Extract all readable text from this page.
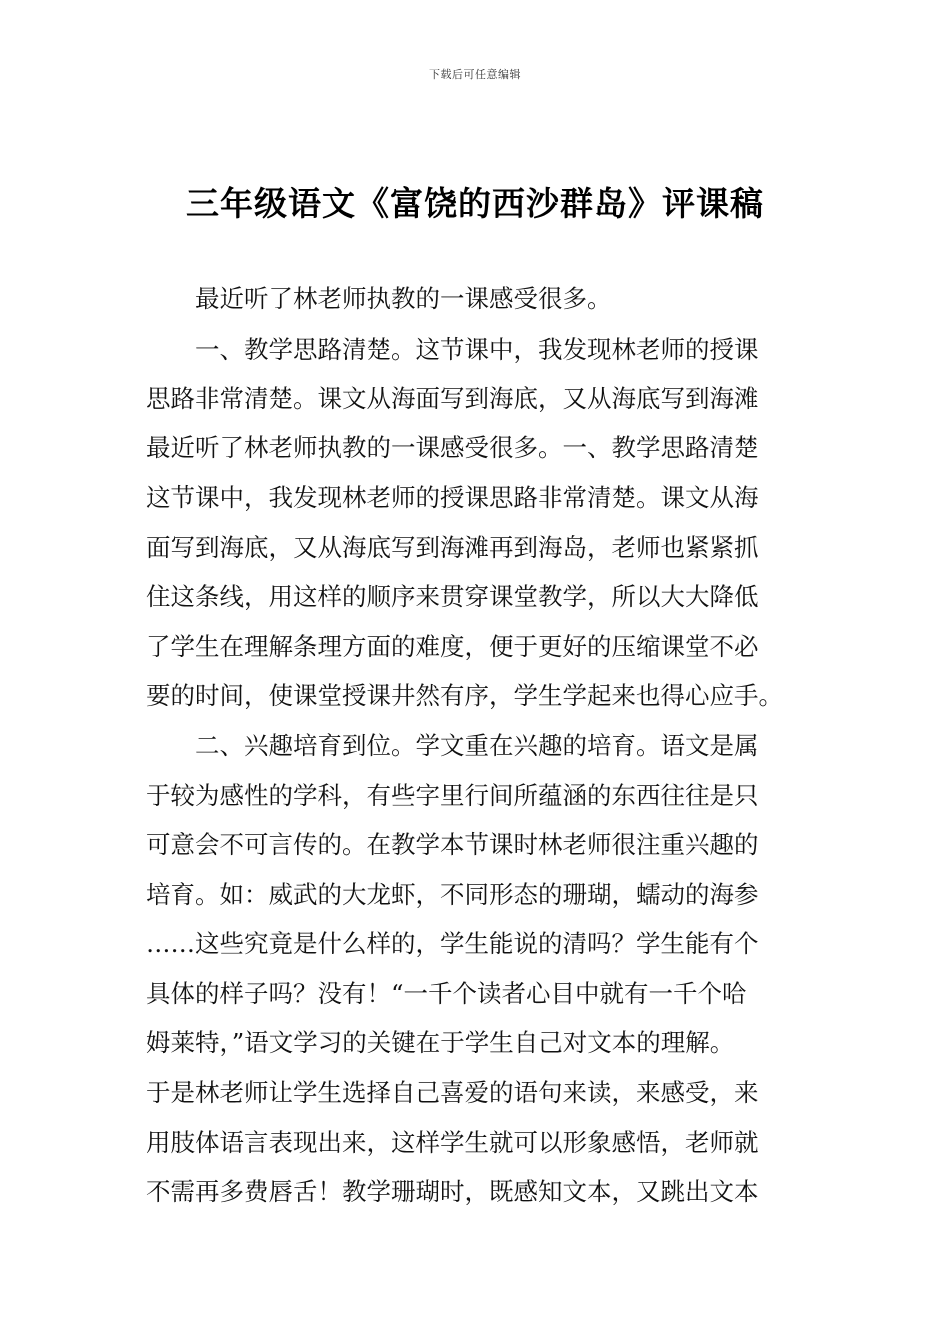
下载后可任意编辑
三年级语文《富饶的西沙群岛》评课稿
最近听了林老师执教的一课感受很多。
一、教学思路清楚。这节课中，我发现林老师的授课
思路非常清楚。课文从海面写到海底，又从海底写到海滩
最近听了林老师执教的一课感受很多。一、教学思路清楚
这节课中，我发现林老师的授课思路非常清楚。课文从海
面写到海底，又从海底写到海滩再到海岛，老师也紧紧抓
住这条线，用这样的顺序来贯穿课堂教学，所以大大降低
了学生在理解条理方面的难度，便于更好的压缩课堂不必
要的时间，使课堂授课井然有序，学生学起来也得心应手。
二、兴趣培育到位。学文重在兴趣的培育。语文是属
于较为感性的学科，有些字里行间所蕴涵的东西往往是只
可意会不可言传的。在教学本节课时林老师很注重兴趣的
培育。如：威武的大龙虾，不同形态的珊瑚，蠕动的海参
……这些究竟是什么样的，学生能说的清吗？学生能有个
具体的样子吗？没有！“一千个读者心目中就有一千个哈
姆莱特，”语文学习的关键在于学生自己对文本的理解。
于是林老师让学生选择自己喜爱的语句来读，来感受，来
用肢体语言表现出来，这样学生就可以形象感悟，老师就
不需再多费唇舌！教学珊瑚时，既感知文本，又跳出文本
